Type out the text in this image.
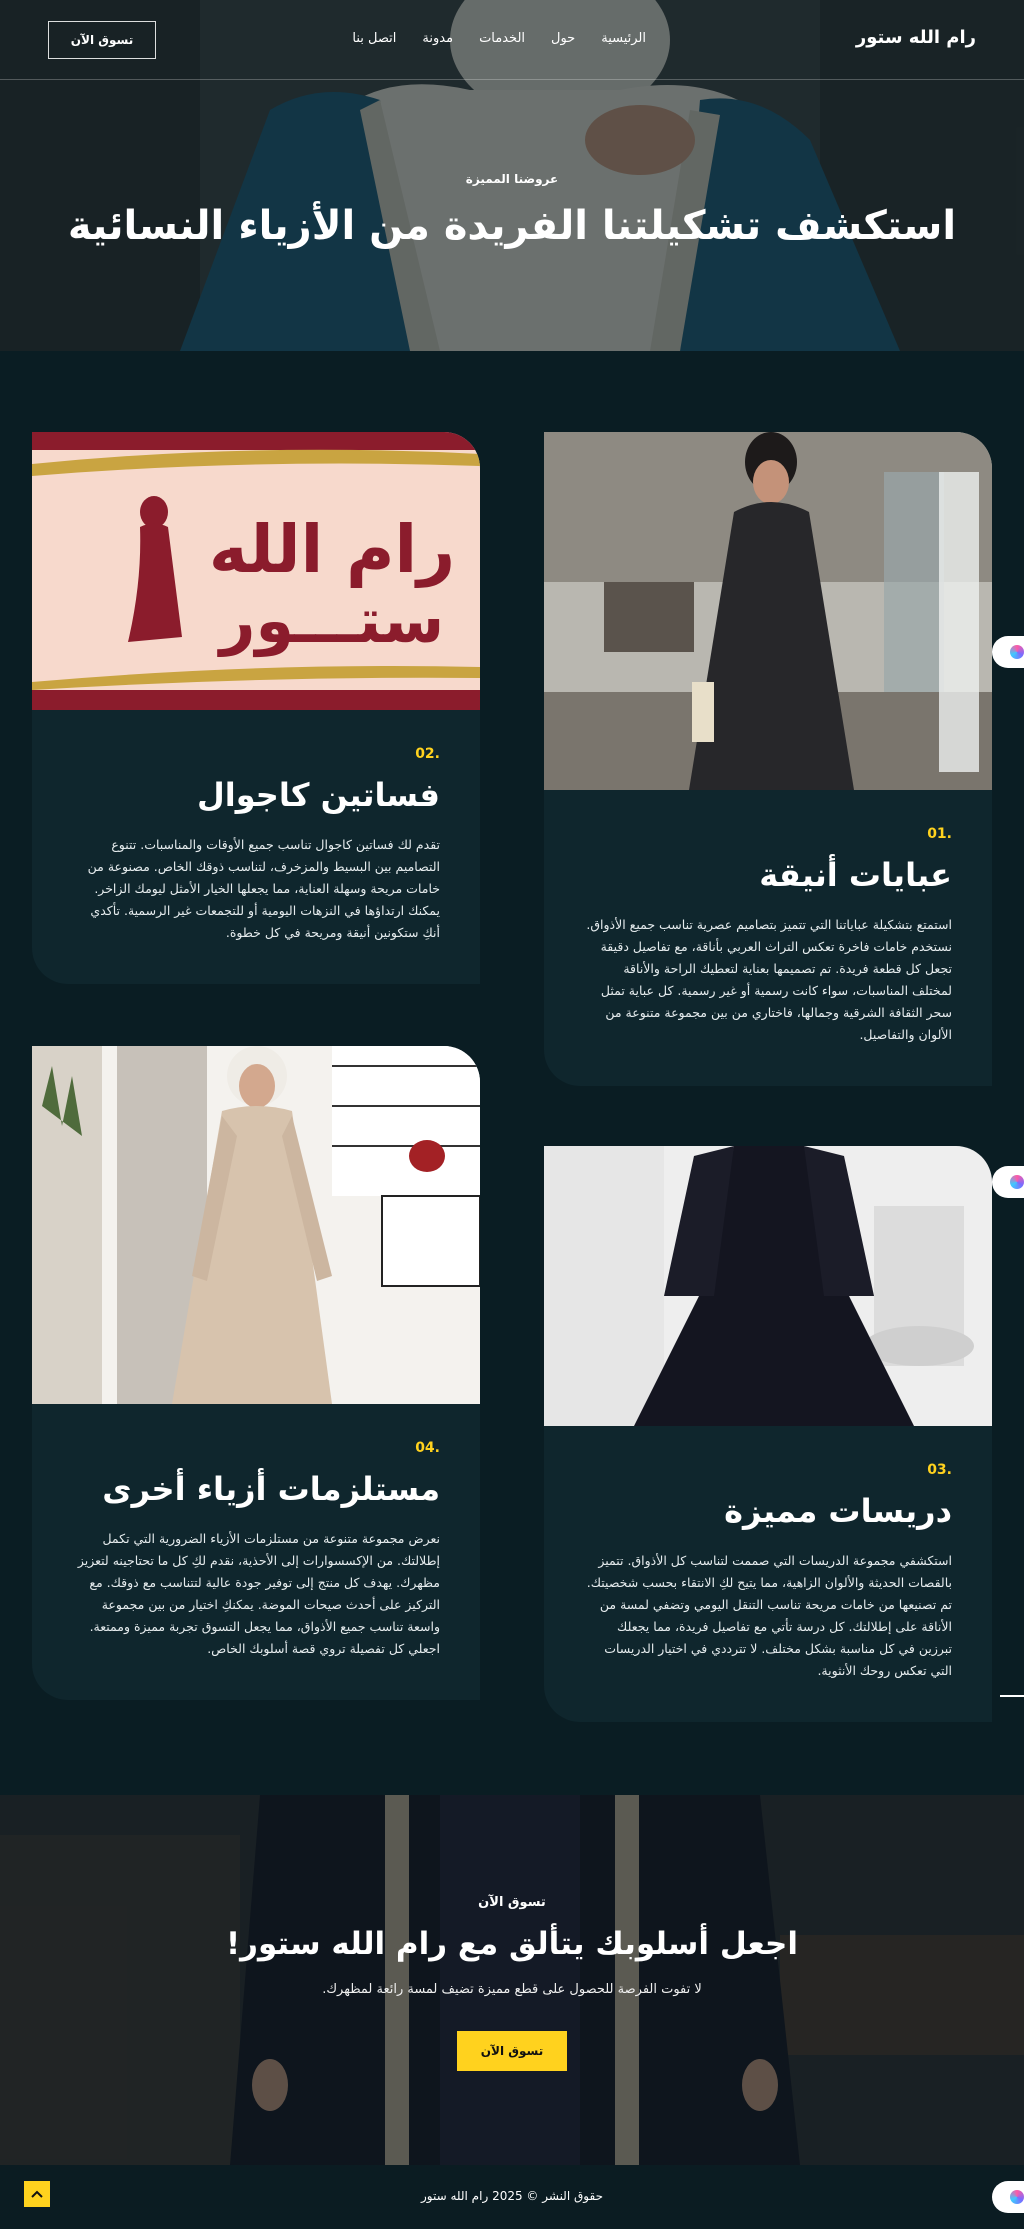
رام الله ستور
الرئيسية
حول
الخدمات
مدونة
اتصل بنا
تسوق الآن
عروضنا المميزة
استكشف تشكيلتنا الفريدة من الأزياء النسائية
01.
عبايات أنيقة

استمتع بتشكيلة عباياتنا التي تتميز بتصاميم عصرية تناسب جميع الأذواق. نستخدم خامات فاخرة تعكس التراث العربي بأناقة، مع تفاصيل دقيقة تجعل كل قطعة فريدة. تم تصميمها بعناية لتعطيك الراحة والأناقة لمختلف المناسبات، سواء كانت رسمية أو غير رسمية. كل عباية تمثل سحر الثقافة الشرقية وجمالها، فاختاري من بين مجموعة متنوعة من الألوان والتفاصيل.

رام الله
ستـــور
02.
فساتين كاجوال

تقدم لك فساتين كاجوال تناسب جميع الأوقات والمناسبات. تتنوع التصاميم بين البسيط والمزخرف، لتناسب ذوقك الخاص. مصنوعة من خامات مريحة وسهلة العناية، مما يجعلها الخيار الأمثل ليومك الزاخر. يمكنك ارتداؤها في النزهات اليومية أو للتجمعات غير الرسمية. تأكدي أنكِ ستكونين أنيقة ومريحة في كل خطوة.

03.
دريسات مميزة

استكشفي مجموعة الدريسات التي صممت لتناسب كل الأذواق. تتميز بالقصات الحديثة والألوان الزاهية، مما يتيح لكِ الانتقاء بحسب شخصيتك. تم تصنيعها من خامات مريحة تناسب التنقل اليومي وتضفي لمسة من الأناقة على إطلالتك. كل درسة تأتي مع تفاصيل فريدة، مما يجعلك تبرزين في كل مناسبة بشكل مختلف. لا تترددي في اختيار الدريسات التي تعكس روحك الأنثوية.

04.
مستلزمات أزياء أخرى

نعرض مجموعة متنوعة من مستلزمات الأزياء الضرورية التي تكمل إطلالتك. من الإكسسوارات إلى الأحذية، نقدم لكِ كل ما تحتاجينه لتعزيز مظهرك. يهدف كل منتج إلى توفير جودة عالية لتتناسب مع ذوقك. مع التركيز على أحدث صيحات الموضة. يمكنكِ اختيار من بين مجموعة واسعة تناسب جميع الأذواق، مما يجعل التسوق تجربة مميزة وممتعة. اجعلي كل تفصيلة تروي قصة أسلوبك الخاص.

تسوق الآن
اجعل أسلوبك يتألق مع رام الله ستور!

لا تفوت الفرصة للحصول على قطع مميزة تضيف لمسة رائعة لمظهرك.

تسوق الآن
حقوق النشر © 2025 رام الله ستور
